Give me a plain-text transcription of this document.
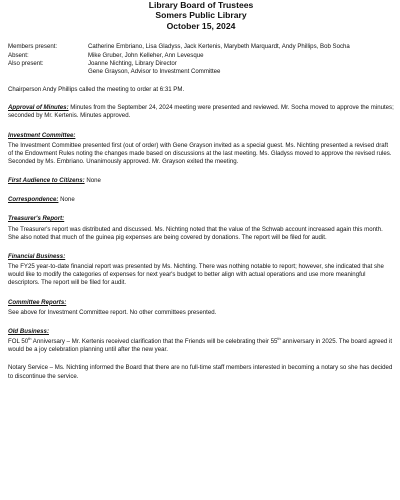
Library Board of Trustees
Somers Public Library
October 15, 2024
Members present:	Catherine Embriano, Lisa Gladyss, Jack Kertenis, Marybeth Marquardt, Andy Phillips, Bob Socha
Absent:	Mike Gruber, John Kelleher, Ann Levesque
Also present:	Joanne Nichting, Library Director
Gene Grayson, Advisor to Investment Committee

Chairperson Andy Phillips called the meeting to order at 6:31 PM.

Approval of Minutes: Minutes from the September 24, 2024 meeting were presented and reviewed. Mr. Socha moved to approve the minutes; seconded by Mr. Kertenis. Minutes approved.

Investment Committee:

The Investment Committee presented first (out of order) with Gene Grayson invited as a special guest. Ms. Nichting presented a revised draft of the Endowment Rules noting the changes made based on discussions at the last meeting. Ms. Gladyss moved to approve the revised rules. Seconded by Ms. Embriano. Unanimously approved. Mr. Grayson exited the meeting.

First Audience to Citizens: None

Correspondence: None

Treasurer's Report:

The Treasurer's report was distributed and discussed. Ms. Nichting noted that the value of the Schwab account increased again this month. She also noted that much of the guinea pig expenses are being covered by donations. The report will be filed for audit.

Financial Business:

The FY25 year-to-date financial report was presented by Ms. Nichting. There was nothing notable to report; however, she indicated that she would like to modify the categories of expenses for next year's budget to better align with actual operations and use more meaningful descriptors. The report will be filed for audit.

Committee Reports:

See above for Investment Committee report. No other committees presented.

Old Business:

FOL 50th Anniversary – Mr. Kertenis received clarification that the Friends will be celebrating their 55th anniversary in 2025. The board agreed it would be a joy celebration planning until after the new year.

Notary Service – Ms. Nichting informed the Board that there are no full-time staff members interested in becoming a notary so she has decided to discontinue the service.
